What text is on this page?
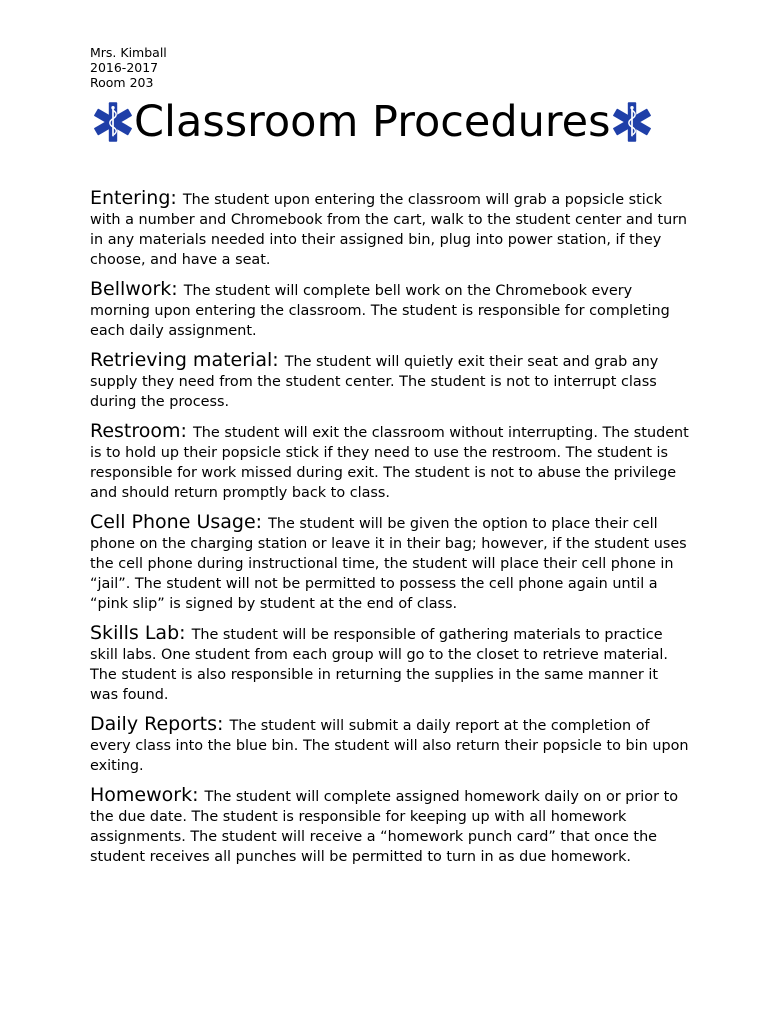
Mrs. Kimball
2016-2017
Room 203
Classroom Procedures

Entering: The student upon entering the classroom will grab a popsicle stick with a number and Chromebook from the cart, walk to the student center and turn in any materials needed into their assigned bin, plug into power station, if they choose, and have a seat.

Bellwork: The student will complete bell work on the Chromebook every morning upon entering the classroom. The student is responsible for completing each daily assignment.

Retrieving material: The student will quietly exit their seat and grab any supply they need from the student center. The student is not to interrupt class during the process.

Restroom: The student will exit the classroom without interrupting. The student is to hold up their popsicle stick if they need to use the restroom. The student is responsible for work missed during exit. The student is not to abuse the privilege and should return promptly back to class.

Cell Phone Usage: The student will be given the option to place their cell phone on the charging station or leave it in their bag; however, if the student uses the cell phone during instructional time, the student will place their cell phone in “jail”. The student will not be permitted to possess the cell phone again until a “pink slip” is signed by student at the end of class.

Skills Lab: The student will be responsible of gathering materials to practice skill labs. One student from each group will go to the closet to retrieve material. The student is also responsible in returning the supplies in the same manner it was found.

Daily Reports: The student will submit a daily report at the completion of every class into the blue bin. The student will also return their popsicle to bin upon exiting.

Homework: The student will complete assigned homework daily on or prior to the due date. The student is responsible for keeping up with all homework assignments. The student will receive a “homework punch card” that once the student receives all punches will be permitted to turn in as due homework.
